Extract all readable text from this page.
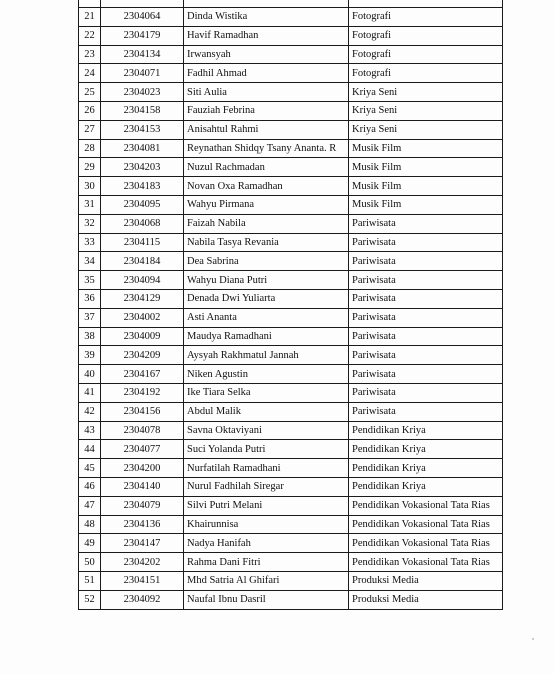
21	2304064	Dinda Wistika	Fotografi
22	2304179	Havif Ramadhan	Fotografi
23	2304134	Irwansyah	Fotografi
24	2304071	Fadhil Ahmad	Fotografi
25	2304023	Siti Aulia	Kriya Seni
26	2304158	Fauziah Febrina	Kriya Seni
27	2304153	Anisahtul Rahmi	Kriya Seni
28	2304081	Reynathan Shidqy Tsany Ananta. R	Musik Film
29	2304203	Nuzul Rachmadan	Musik Film
30	2304183	Novan Oxa Ramadhan	Musik Film
31	2304095	Wahyu Pirmana	Musik Film
32	2304068	Faizah Nabila	Pariwisata
33	2304115	Nabila Tasya Revania	Pariwisata
34	2304184	Dea Sabrina	Pariwisata
35	2304094	Wahyu Diana Putri	Pariwisata
36	2304129	Denada Dwi Yuliarta	Pariwisata
37	2304002	Asti Ananta	Pariwisata
38	2304009	Maudya Ramadhani	Pariwisata
39	2304209	Aysyah Rakhmatul Jannah	Pariwisata
40	2304167	Niken Agustin	Pariwisata
41	2304192	Ike Tiara Selka	Pariwisata
42	2304156	Abdul Malik	Pariwisata
43	2304078	Savna Oktaviyani	Pendidikan Kriya
44	2304077	Suci Yolanda Putri	Pendidikan Kriya
45	2304200	Nurfatilah Ramadhani	Pendidikan Kriya
46	2304140	Nurul Fadhilah Siregar	Pendidikan Kriya
47	2304079	Silvi Putri Melani	Pendidikan Vokasional Tata Rias
48	2304136	Khairunnisa	Pendidikan Vokasional Tata Rias
49	2304147	Nadya Hanifah	Pendidikan Vokasional Tata Rias
50	2304202	Rahma Dani Fitri	Pendidikan Vokasional Tata Rias
51	2304151	Mhd Satria Al Ghifari	Produksi Media
52	2304092	Naufal Ibnu Dasril	Produksi Media
